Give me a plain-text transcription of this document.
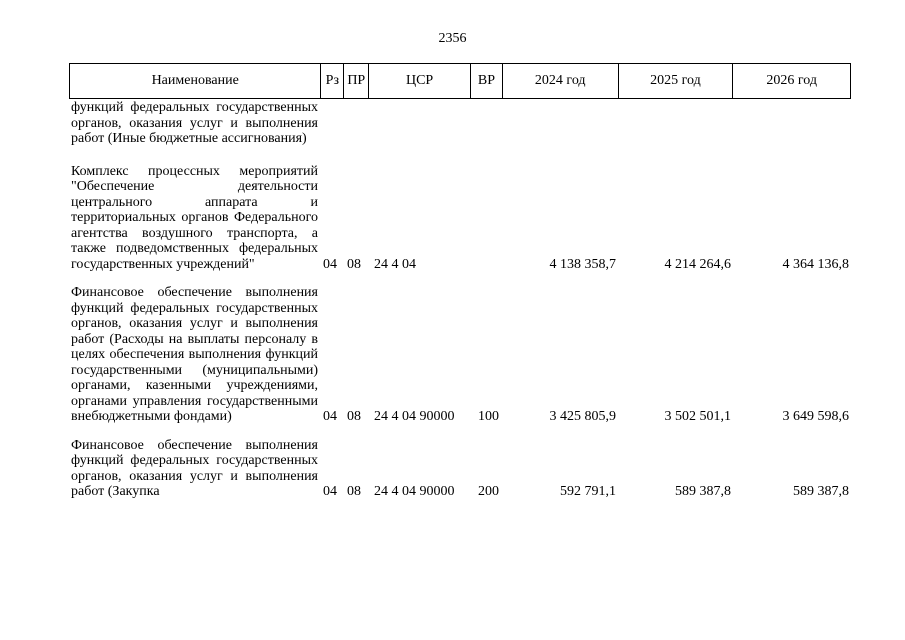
2356
Наименование	Рз ПР	ЦСР	ВР	2024 год	2025 год	2026 год
функций федеральных государственных органов, оказания услуг и выполнения работ (Иные бюджетные ассигнования)
Комплекс процессных мероприятий "Обеспечение деятельности центрального аппарата и территориальных органов Федерального агентства воздушного транспорта, а также подведомственных федеральных государственных учреждений"	04 08 24 4 04	4 138 358,7	4 214 264,6	4 364 136,8
Финансовое обеспечение выполнения функций федеральных государственных органов, оказания услуг и выполнения работ (Расходы на выплаты персоналу в целях обеспечения выполнения функций государственными (муниципальными) органами, казенными учреждениями, органами управления государственными внебюджетными фондами)	04 08 24 4 04 90000 100	3 425 805,9	3 502 501,1	3 649 598,6
Финансовое обеспечение выполнения функций федеральных государственных органов, оказания услуг и выполнения работ (Закупка	04 08 24 4 04 90000 200	592 791,1	589 387,8	589 387,8
